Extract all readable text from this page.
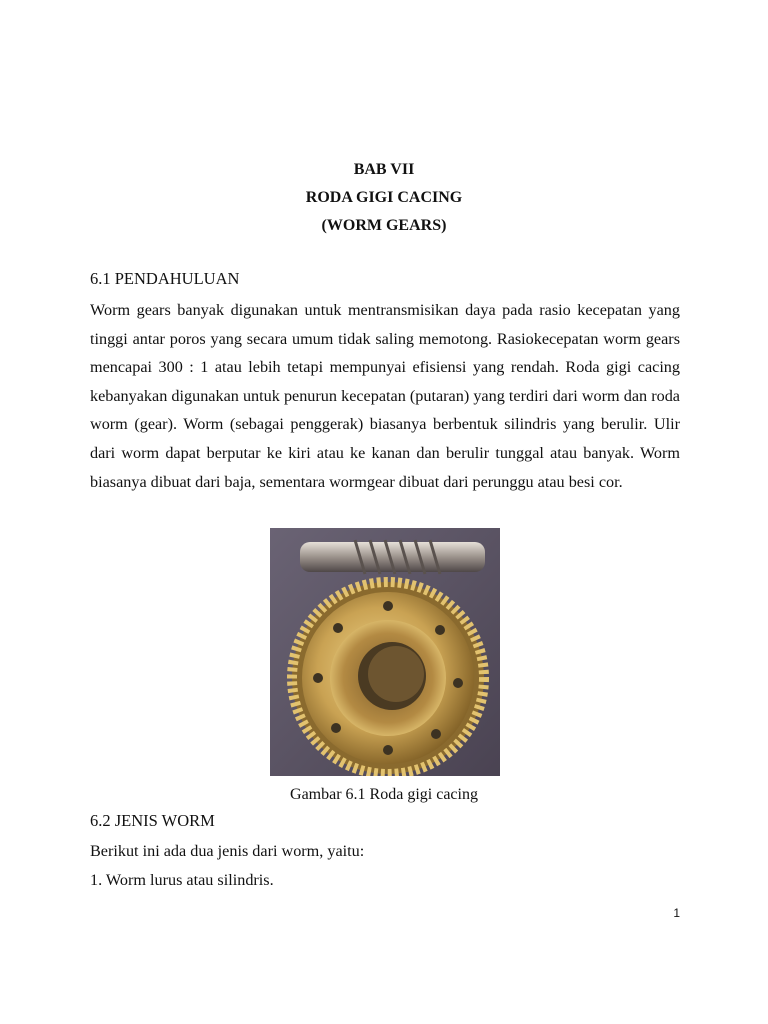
BAB VII
RODA GIGI CACING
(WORM GEARS)
6.1 PENDAHULUAN
Worm gears banyak digunakan untuk mentransmisikan daya pada rasio kecepatan yang tinggi antar poros yang secara umum tidak saling memotong. Rasiokecepatan worm gears mencapai 300 : 1 atau lebih tetapi mempunyai efisiensi yang rendah. Roda gigi cacing kebanyakan digunakan untuk penurun kecepatan (putaran) yang terdiri dari worm dan roda worm (gear). Worm (sebagai penggerak) biasanya berbentuk silindris yang berulir. Ulir dari worm dapat berputar ke kiri atau ke kanan dan berulir tunggal atau banyak. Worm biasanya dibuat dari baja, sementara wormgear dibuat dari perunggu atau besi cor.
Gambar 6.1 Roda gigi cacing
6.2 JENIS WORM
Berikut ini ada dua jenis dari worm, yaitu:
1. Worm lurus atau silindris.
1
